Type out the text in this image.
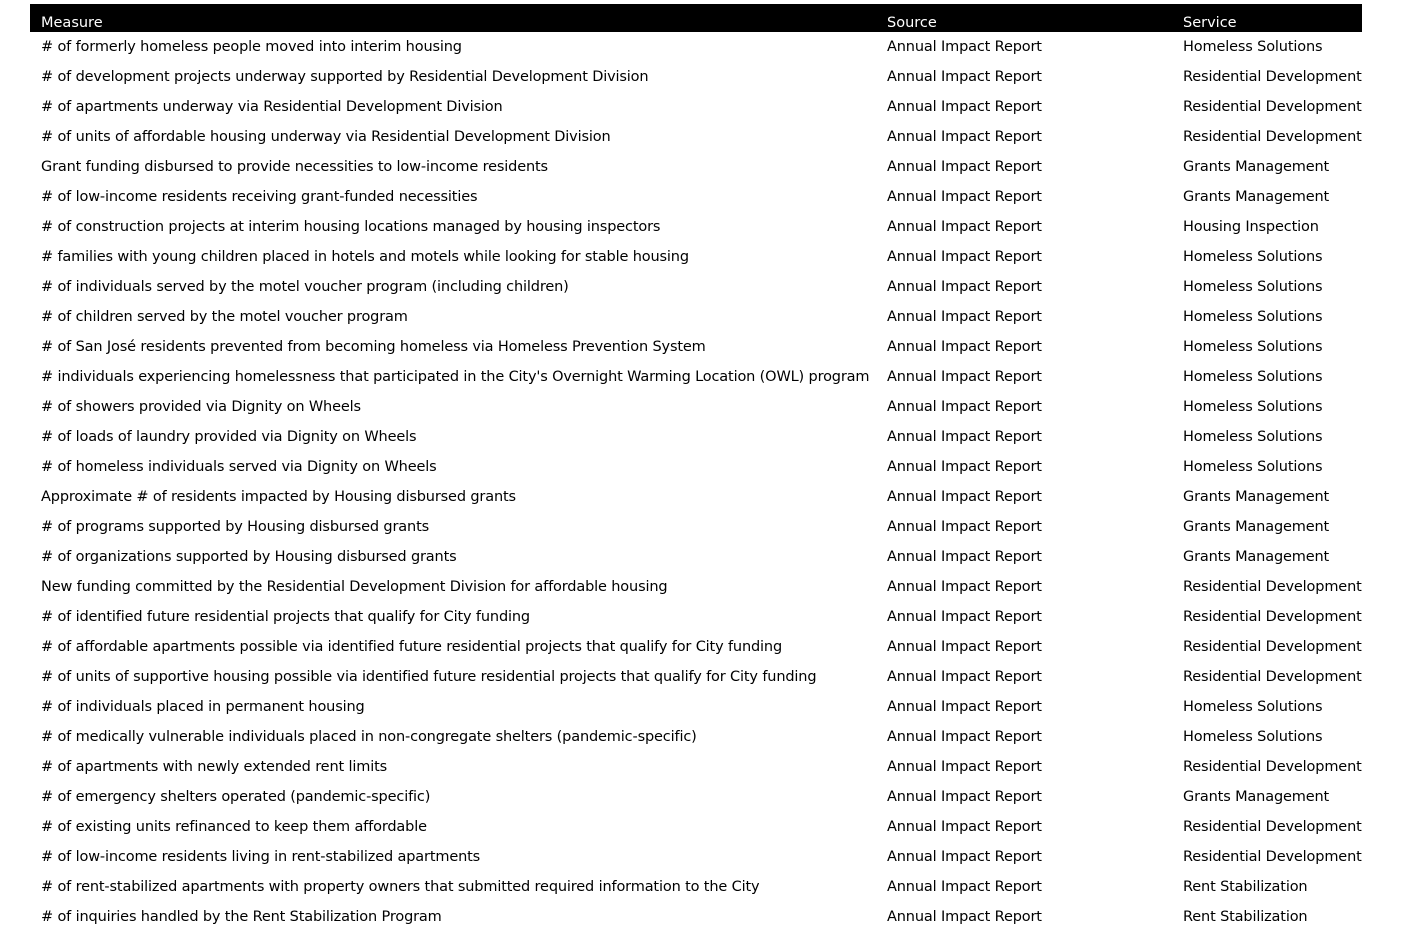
Measure	Source	Service
# of formerly homeless people moved into interim housing	Annual Impact Report	Homeless Solutions
# of development projects underway supported by Residential Development Division	Annual Impact Report	Residential Development
# of apartments underway via Residential Development Division	Annual Impact Report	Residential Development
# of units of affordable housing underway via Residential Development Division	Annual Impact Report	Residential Development
Grant funding disbursed to provide necessities to low-income residents	Annual Impact Report	Grants Management
# of low-income residents receiving grant-funded necessities	Annual Impact Report	Grants Management
# of construction projects at interim housing locations managed by housing inspectors	Annual Impact Report	Housing Inspection
# families with young children placed in hotels and motels while looking for stable housing	Annual Impact Report	Homeless Solutions
# of individuals served by the motel voucher program (including children)	Annual Impact Report	Homeless Solutions
# of children served by the motel voucher program	Annual Impact Report	Homeless Solutions
# of San José residents prevented from becoming homeless via Homeless Prevention System	Annual Impact Report	Homeless Solutions
# individuals experiencing homelessness that participated in the City's Overnight Warming Location (OWL) program	Annual Impact Report	Homeless Solutions
# of showers provided via Dignity on Wheels	Annual Impact Report	Homeless Solutions
# of loads of laundry provided via Dignity on Wheels	Annual Impact Report	Homeless Solutions
# of homeless individuals served via Dignity on Wheels	Annual Impact Report	Homeless Solutions
Approximate # of residents impacted by Housing disbursed grants	Annual Impact Report	Grants Management
# of programs supported by Housing disbursed grants	Annual Impact Report	Grants Management
# of organizations supported by Housing disbursed grants	Annual Impact Report	Grants Management
New funding committed by the Residential Development Division for affordable housing	Annual Impact Report	Residential Development
# of identified future residential projects that qualify for City funding	Annual Impact Report	Residential Development
# of affordable apartments possible via identified future residential projects that qualify for City funding	Annual Impact Report	Residential Development
# of units of supportive housing possible via identified future residential projects that qualify for City funding	Annual Impact Report	Residential Development
# of individuals placed in permanent housing	Annual Impact Report	Homeless Solutions
# of medically vulnerable individuals placed in non-congregate shelters (pandemic-specific)	Annual Impact Report	Homeless Solutions
# of apartments with newly extended rent limits	Annual Impact Report	Residential Development
# of emergency shelters operated (pandemic-specific)	Annual Impact Report	Grants Management
# of existing units refinanced to keep them affordable	Annual Impact Report	Residential Development
# of low-income residents living in rent-stabilized apartments	Annual Impact Report	Residential Development
# of rent-stabilized apartments with property owners that submitted required information to the City	Annual Impact Report	Rent Stabilization
# of inquiries handled by the Rent Stabilization Program	Annual Impact Report	Rent Stabilization
